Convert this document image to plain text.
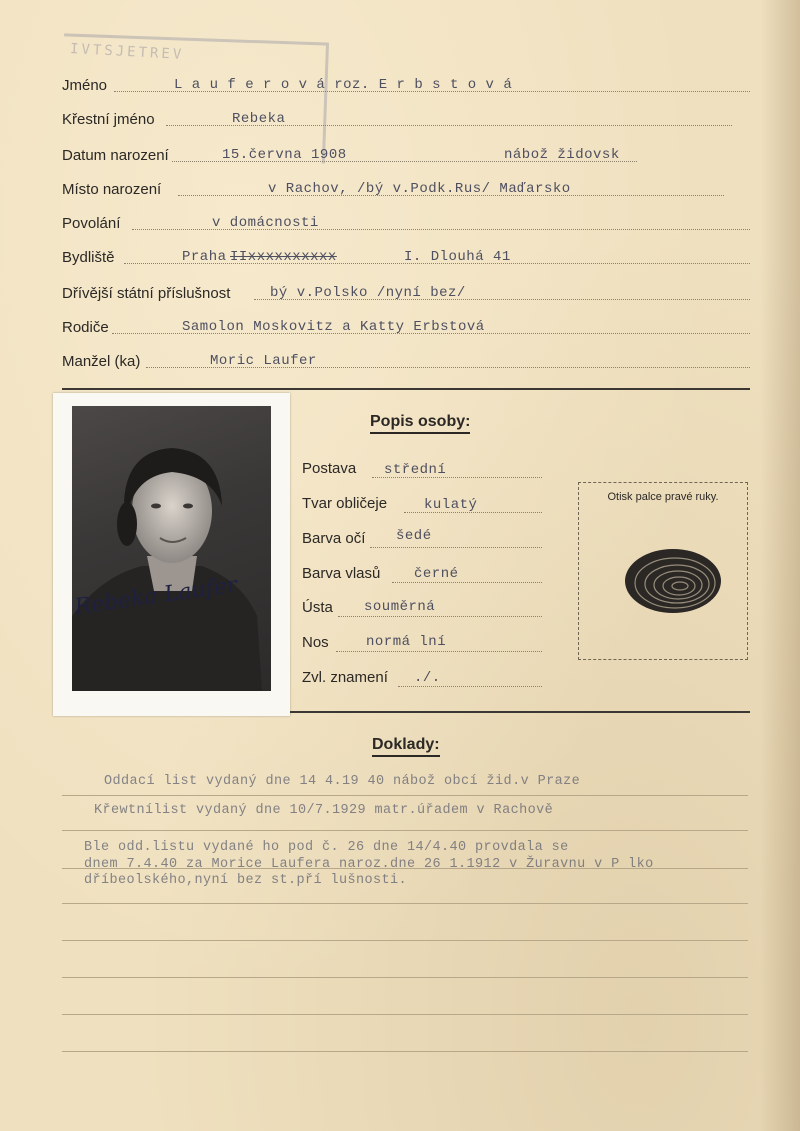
IVTSJETREV
Jméno	L a u f e r o v á roz. E r b s t o v á
Křestní jméno	Rebeka
Datum narození	15.června 1908	nábož židovsk
Místo narození	v Rachov, /bý v.Podk.Rus/ Maďarsko
Povolání	v domácnosti
Bydliště	Praha IIxxxxxxxxxx	I. Dlouhá 41
Dřívější státní příslušnost	bý v.Polsko /nyní bez/
Rodiče	Samolon Moskovitz a Katty Erbstová
Manžel (ka)	Moric Laufer
Rebeka Laufer
Popis osoby:
Postava střední
Tvar obličeje	kulatý
Barva očí šedé
Barva vlasů černé
Ústa souměrná
Nos	normá lní
Zvl. znamení ./.
Otisk palce pravé ruky.
Doklady:
Oddací list vydaný dne 14 4.19 40 nábož obcí žid.v Praze
Křewtnílist vydaný dne 10/7.1929 matr.úřadem v Rachově
Ble odd.listu vydané ho pod č. 26 dne 14/4.40 provdala se
dnem 7.4.40 za Morice Laufera naroz.dne 26 1.1912 v Žuravnu v P lko
dříbeolského,nyní bez st.pří lušnosti.
